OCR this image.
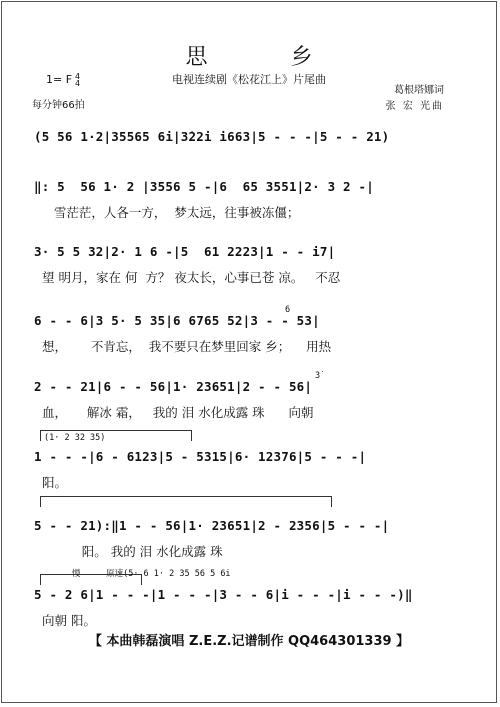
思 乡
电视连续剧《松花江上》片尾曲
1= F 4
4
每分钟66拍
葛根塔娜词
张 宏 光曲
(5 56 1·2|35565 6i|3̇22i i663|5 - - -|5 - - 21)
‖: 5  56 1· 2 |3556 5 -|6  65 3551|2· 3 2 -|
雪茫茫，人各一方，  梦太远，往事被冻僵；
3· 5 5 32|2· 1 6 -|5  61 2223|1 - - i7|
望 明月，家在 何  方？ 夜太长，心事已苍 凉。   不忍
6 - - 6|3 5· 5 35|6 6765 52|3 - - 53|
6
想，      不肯忘，  我不要只在梦里回家 乡；    用热
2 - - 21|6 - - 56|1· 23651|2 - - 56|
3̇
血，     解冰 霜，   我的 泪 水化成露 珠      向朝
(1· 2 32 35)
1 - - -|6 - 6123|5 - 5315|6· 12376|5 - - -|
阳。
5 - - 21):‖1 - - 56|1· 23651|2 - 2356|5 - - -|
阳。 我的 泪 水化成露 珠
慢     原速(5· 6 1· 2 35 56 5 6i
5 - 2 6|1 - - -|1 - - -|3 - - 6|i - - -|i - - -)‖
向朝 阳。
【 本曲韩磊演唱 Z.E.Z.记谱制作 QQ464301339 】
